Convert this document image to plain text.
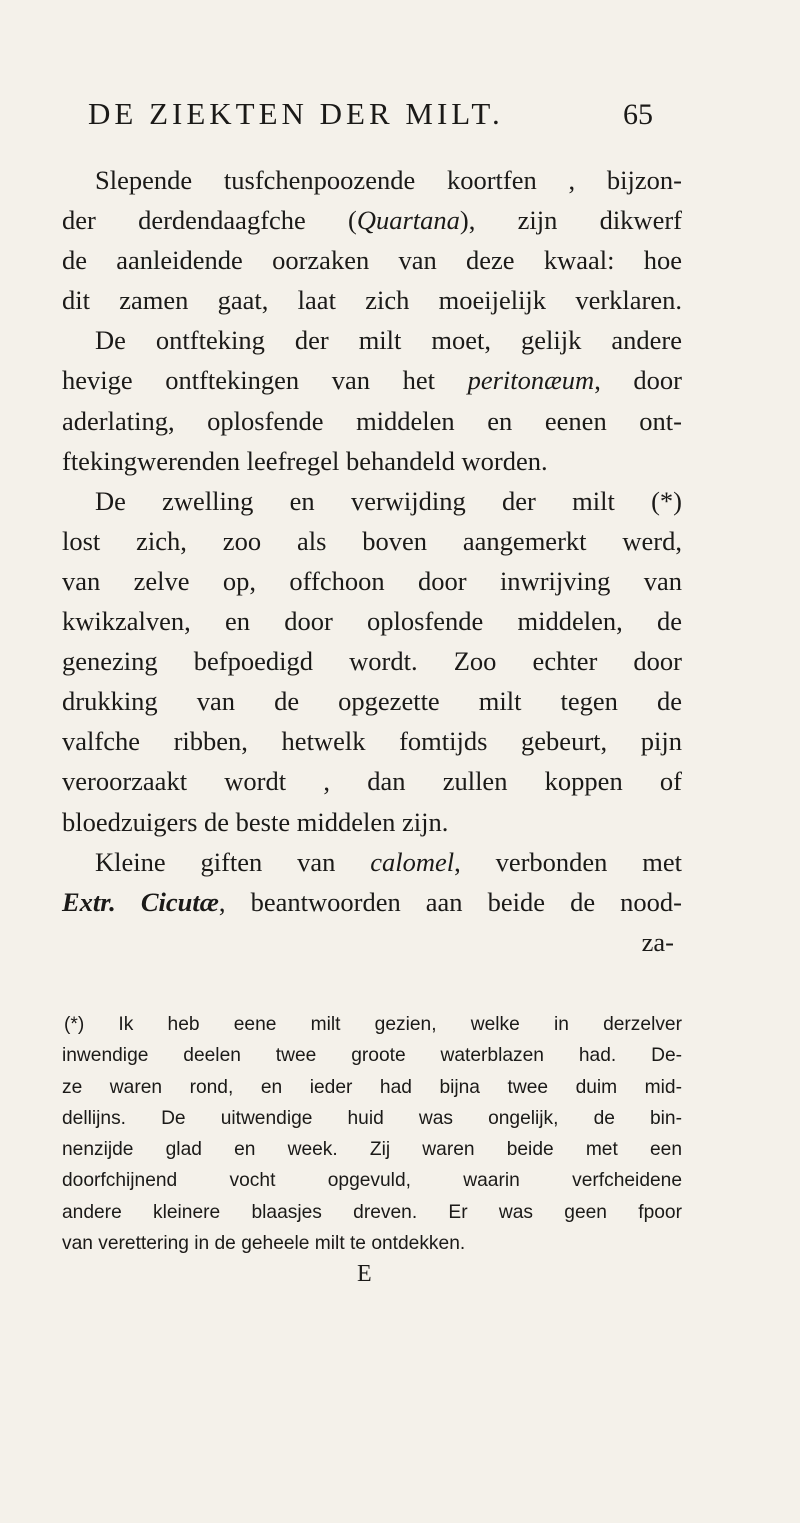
DE ZIEKTEN DER MILT.	65
Slepende tusfchenpoozende koortfen , bijzon-
der derdendaagfche (Quartana), zijn dikwerf
de aanleidende oorzaken van deze kwaal: hoe
dit zamen gaat, laat zich moeijelijk verklaren.
De ontfteking der milt moet, gelijk andere
hevige ontftekingen van het peritonæum, door
aderlating, oplosfende middelen en eenen ont-
ftekingwerenden leefregel behandeld worden.
De zwelling en verwijding der milt (*)
lost zich, zoo als boven aangemerkt werd,
van zelve op, offchoon door inwrijving van
kwikzalven, en door oplosfende middelen, de
genezing befpoedigd wordt. Zoo echter door
drukking van de opgezette milt tegen de
valfche ribben, hetwelk fomtijds gebeurt, pijn
veroorzaakt wordt , dan zullen koppen of
bloedzuigers de beste middelen zijn.
Kleine giften van calomel, verbonden met
Extr. Cicutæ, beantwoorden aan beide de nood-
za-
(*) Ik heb eene milt gezien, welke in derzelver
inwendige deelen twee groote waterblazen had. De-
ze waren rond, en ieder had bijna twee duim mid-
dellijns. De uitwendige huid was ongelijk, de bin-
nenzijde glad en week. Zij waren beide met een
doorfchijnend vocht opgevuld, waarin verfcheidene
andere kleinere blaasjes dreven. Er was geen fpoor
van verettering in de geheele milt te ontdekken.
E
